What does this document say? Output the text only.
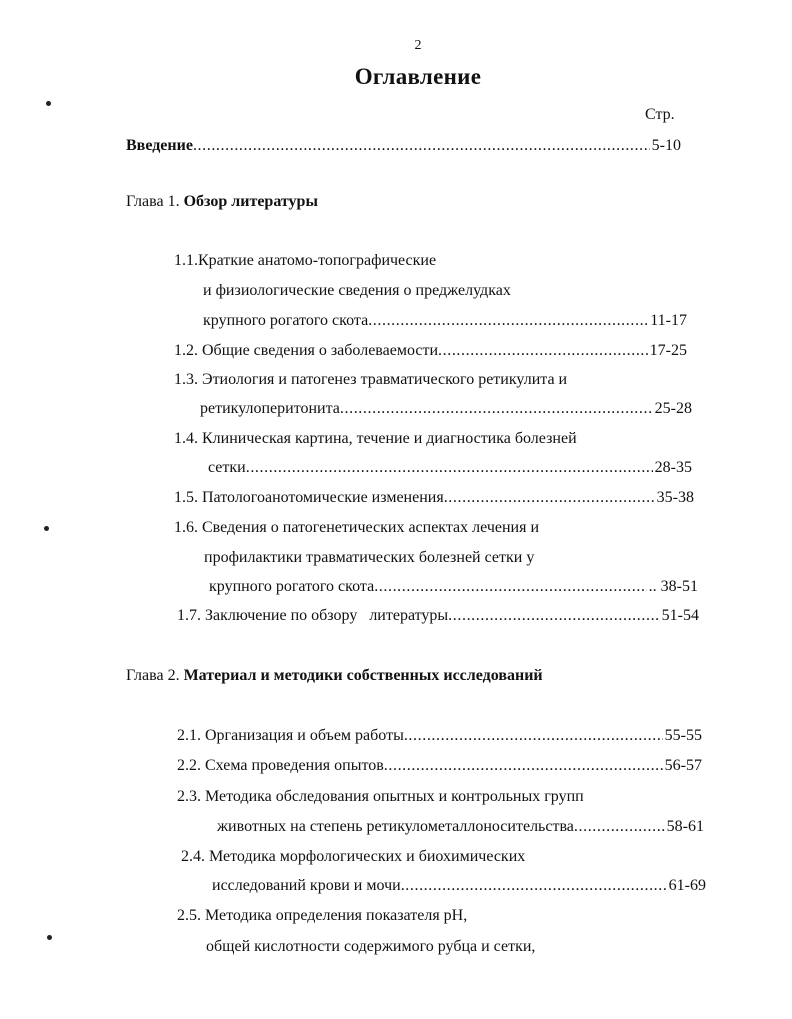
2
Оглавление
Стр.
Введение .....	5-10
Глава 1. Обзор литературы
1.1.Краткие анатомо-топографические
и физиологические сведения о преджелудках
крупного рогатого скота .....	11-17
1.2. Общие сведения о заболеваемости .....	17-25
1.3. Этиология и патогенез травматического ретикулита и
ретикулоперитонита .....	25-28
1.4. Клиническая картина, течение и диагностика болезней
сетки .....	28-35
1.5. Патологоанотомические изменения .....	35-38
1.6. Сведения о патогенетических аспектах лечения и
профилактики травматических болезней сетки у
крупного рогатого скота .....	.. 38-51
1.7. Заключение по обзору   литературы .....	51-54
Глава 2. Материал и методики собственных исследований
2.1. Организация и объем работы .....	55-55
2.2. Схема проведения опытов .....	56-57
2.3. Методика обследования опытных и контрольных групп
животных на степень ретикулометаллоносительства .....	58-61
2.4. Методика морфологических и биохимических
исследований крови и мочи .....	61-69
2.5. Методика определения показателя pH,
общей кислотности содержимого рубца и сетки,
